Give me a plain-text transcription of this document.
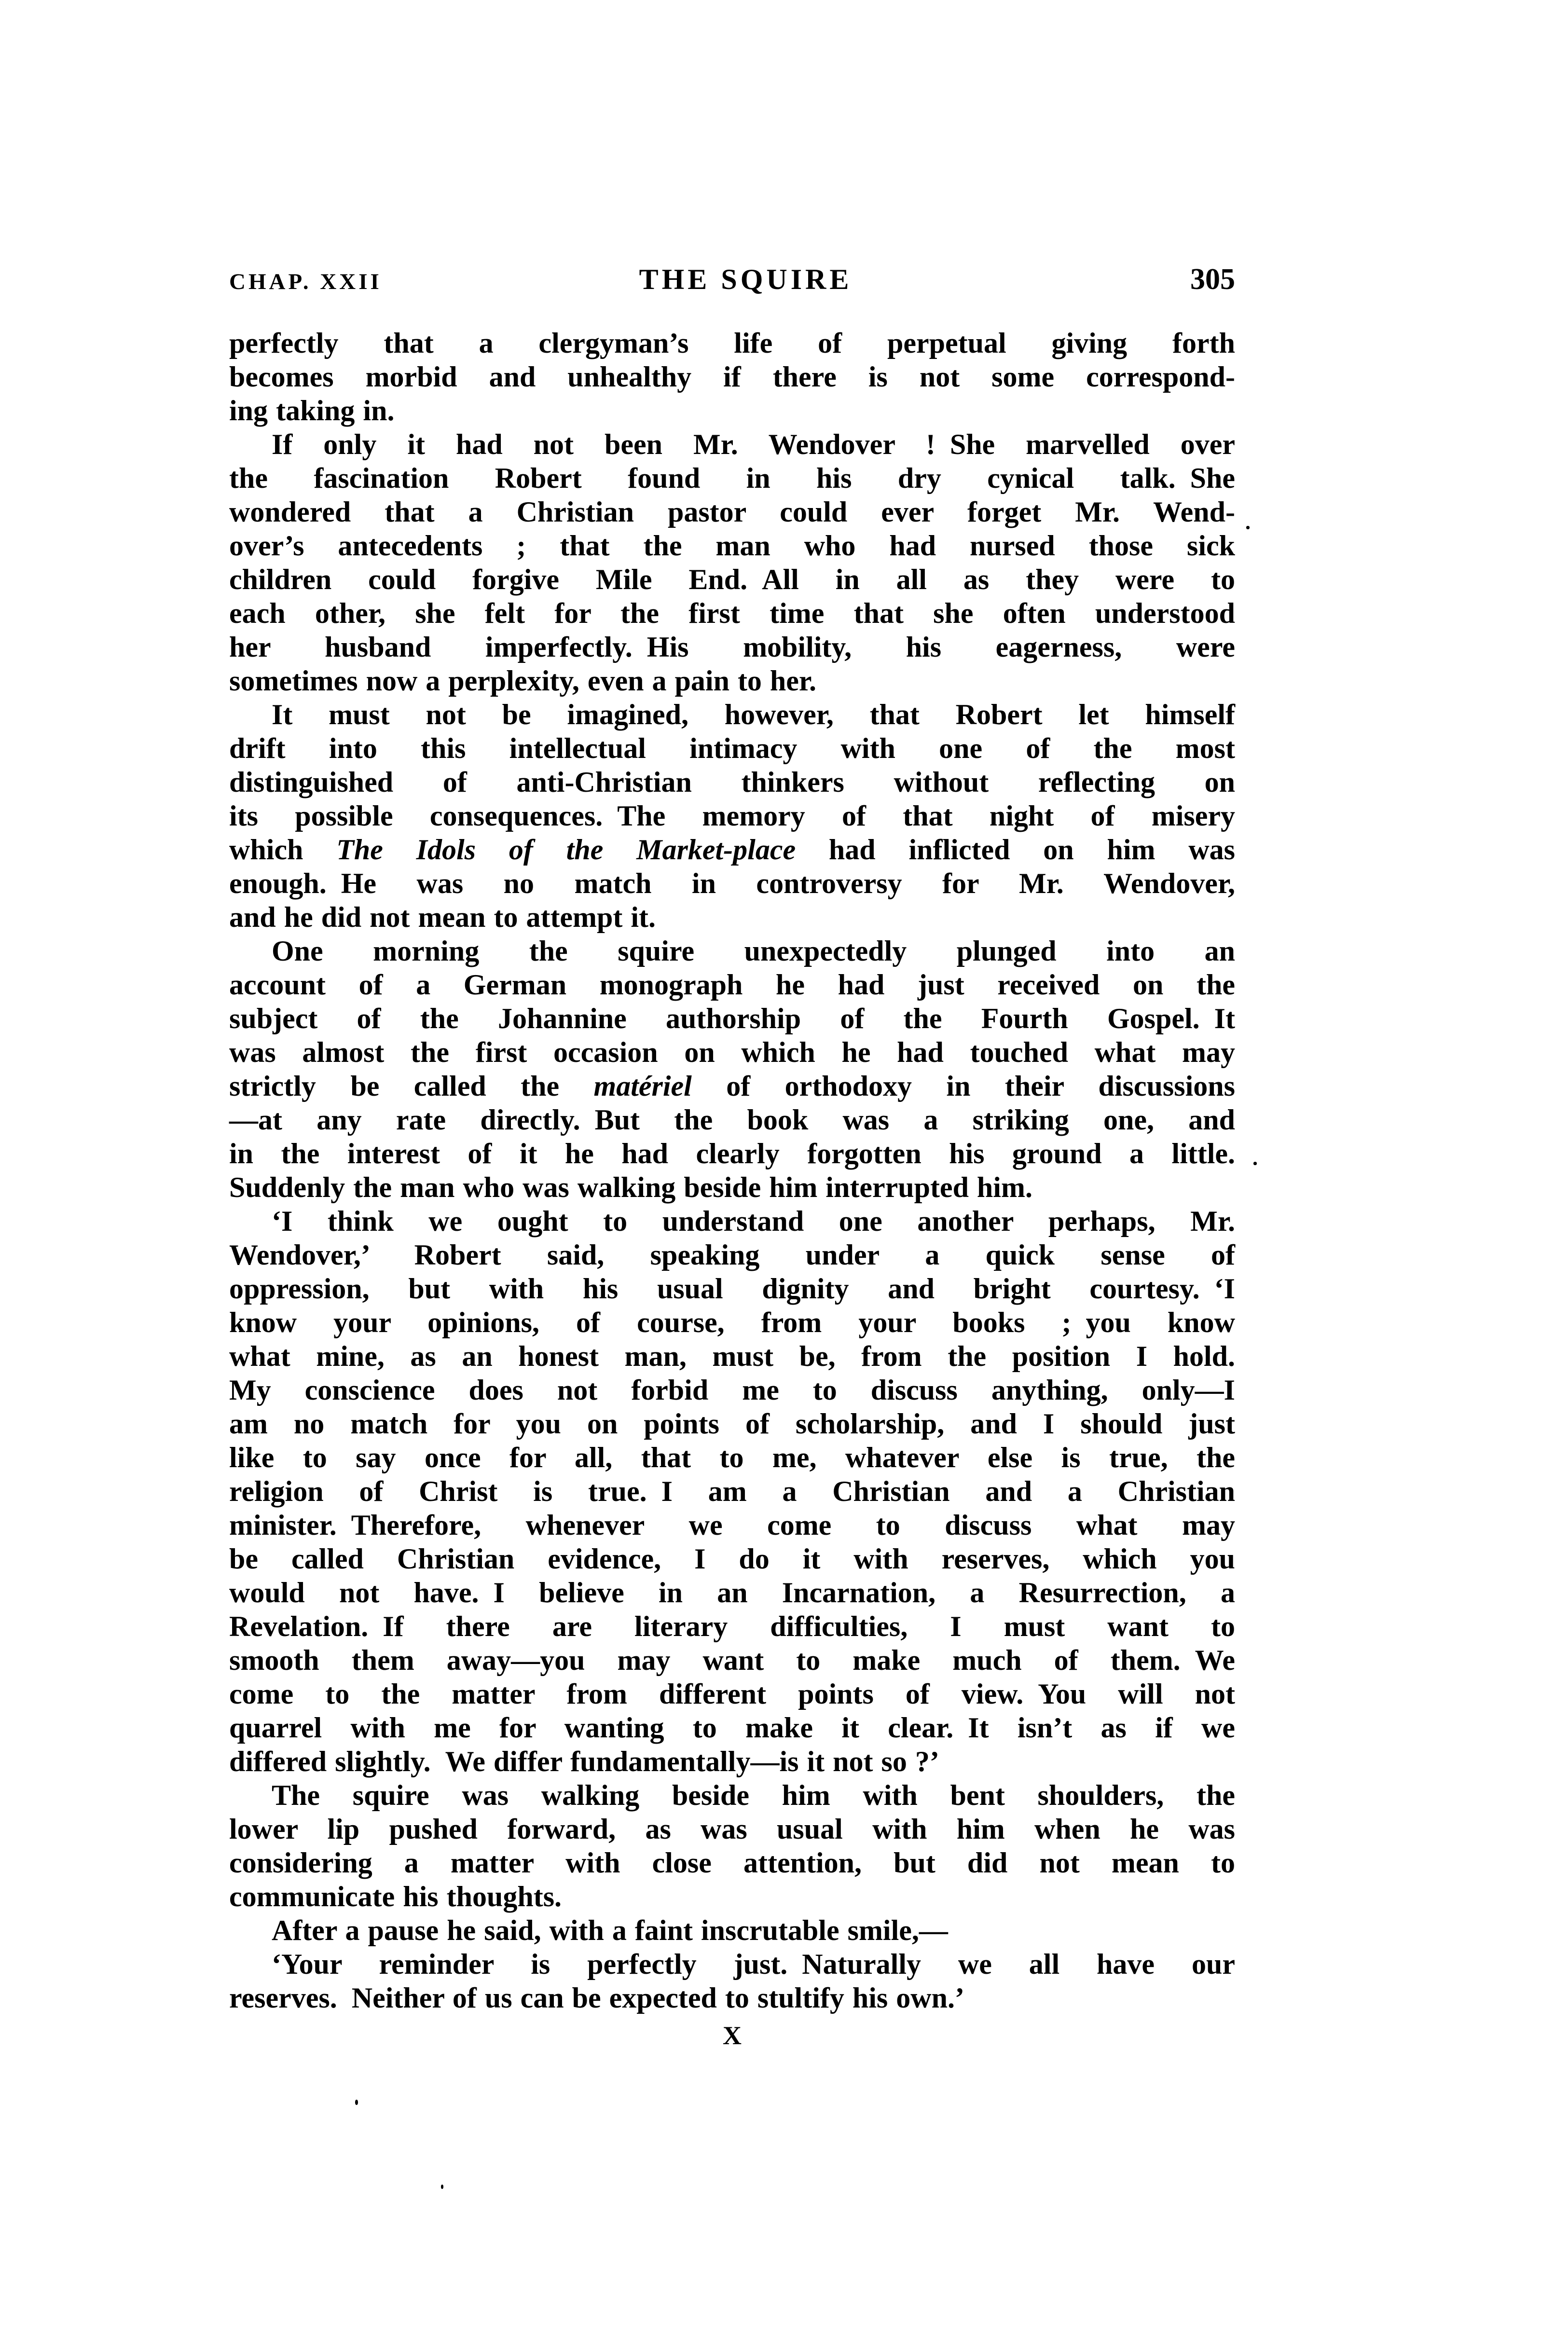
CHAP. XXII	THE SQUIRE	305

perfectly that a clergyman’s life of perpetual giving forth
becomes morbid and unhealthy if there is not some correspond-
ing taking in.

If only it had not been Mr. Wendover ! She marvelled over
the fascination Robert found in his dry cynical talk. She
wondered that a Christian pastor could ever forget Mr. Wend-
over’s antecedents ; that the man who had nursed those sick
children could forgive Mile End. All in all as they were to
each other, she felt for the first time that she often understood
her husband imperfectly. His mobility, his eagerness, were
sometimes now a perplexity, even a pain to her.

It must not be imagined, however, that Robert let himself
drift into this intellectual intimacy with one of the most
distinguished of anti-Christian thinkers without reflecting on
its possible consequences. The memory of that night of misery
which The Idols of the Market-place had inflicted on him was
enough. He was no match in controversy for Mr. Wendover,
and he did not mean to attempt it.

One morning the squire unexpectedly plunged into an
account of a German monograph he had just received on the
subject of the Johannine authorship of the Fourth Gospel. It
was almost the first occasion on which he had touched what may
strictly be called the matériel of orthodoxy in their discussions
—at any rate directly. But the book was a striking one, and
in the interest of it he had clearly forgotten his ground a little.
Suddenly the man who was walking beside him interrupted him.

‘I think we ought to understand one another perhaps, Mr.
Wendover,’ Robert said, speaking under a quick sense of
oppression, but with his usual dignity and bright courtesy. ‘I
know your opinions, of course, from your books ; you know
what mine, as an honest man, must be, from the position I hold.
My conscience does not forbid me to discuss anything, only—I
am no match for you on points of scholarship, and I should just
like to say once for all, that to me, whatever else is true, the
religion of Christ is true. I am a Christian and a Christian
minister. Therefore, whenever we come to discuss what may
be called Christian evidence, I do it with reserves, which you
would not have. I believe in an Incarnation, a Resurrection, a
Revelation. If there are literary difficulties, I must want to
smooth them away—you may want to make much of them. We
come to the matter from different points of view. You will not
quarrel with me for wanting to make it clear. It isn’t as if we
differed slightly. We differ fundamentally—is it not so ?’

The squire was walking beside him with bent shoulders, the
lower lip pushed forward, as was usual with him when he was
considering a matter with close attention, but did not mean to
communicate his thoughts.

After a pause he said, with a faint inscrutable smile,—

‘Your reminder is perfectly just. Naturally we all have our
reserves. Neither of us can be expected to stultify his own.’

X
